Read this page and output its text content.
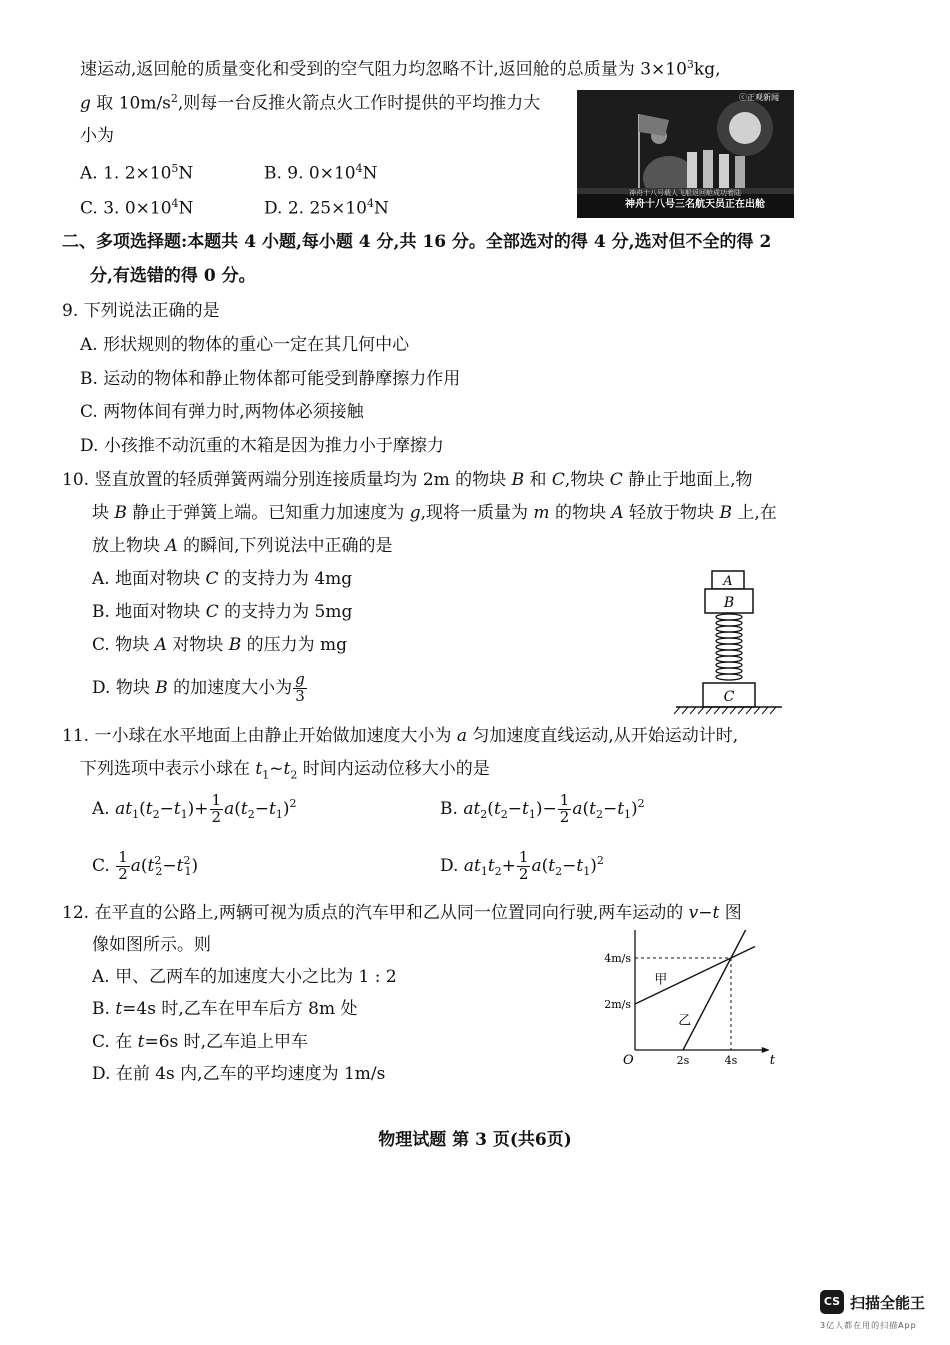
速运动,返回舱的质量变化和受到的空气阻力均忽略不计,返回舱的总质量为 $3\times 10^3kg$,
g 取 $10m/s^2$,则每一台反推火箭点火工作时提供的平均推力大
小为
A. 1. $2\times 10^5N$	B. 9. $0\times 10^4N$
C. 3. $0\times 10^4N$	D. 2. $25\times 10^4N$
ⓒ正观新闻
神舟十八号载人飞船返回舱成功着陆
神舟十八号三名航天员正在出舱
二、多项选择题:本题共 4 小题,每小题 4 分,共 16 分。全部选对的得 4 分,选对但不全的得 2
分,有选错的得 0 分。
9. 下列说法正确的是
A. 形状规则的物体的重心一定在其几何中心
B. 运动的物体和静止物体都可能受到静摩擦力作用
C. 两物体间有弹力时,两物体必须接触
D. 小孩推不动沉重的木箱是因为推力小于摩擦力
10. 竖直放置的轻质弹簧两端分别连接质量均为 2m 的物块 B 和 C,物块 C 静止于地面上,物
块 B 静止于弹簧上端。已知重力加速度为 g,现将一质量为 m 的物块 A 轻放于物块 B 上,在
放上物块 A 的瞬间,下列说法中正确的是
A. 地面对物块 C 的支持力为 4mg
B. 地面对物块 C 的支持力为 5mg
C. 物块 A 对物块 B 的压力为 mg
D. 物块 B 的加速度大小为 $\frac{g}{3}$
A
B
C
11. 一小球在水平地面上由静止开始做加速度大小为 a 匀加速度直线运动,从开始运动计时,
下列选项中表示小球在 $t_1\sim t_2$ 时间内运动位移大小的是
A. $at_1(t_2-t_1)+ \frac{1}{2} a(t_2-t_1)^2$	B. $at_2(t_2-t_1)- \frac{1}{2} a(t_2-t_1)^2$
C. $\frac{1}{2} a(t^2_2-t^2_1)$	D. $at_1t_2+ \frac{1}{2} a(t_2-t_1)^2$
12. 在平直的公路上,两辆可视为质点的汽车甲和乙从同一位置同向行驶,两车运动的 v−t 图
像如图所示。则
A. 甲、乙两车的加速度大小之比为 1 : 2
B. t=4s 时,乙车在甲车后方 8m 处
C. 在 t=6s 时,乙车追上甲车
D. 在前 4s 内,乙车的平均速度为 1m/s
t
O
2m/s
4m/s
2s	4s
甲
乙
物理试题 第 3 页(共6页)
CS 扫描全能王
3亿人都在用的扫描App
